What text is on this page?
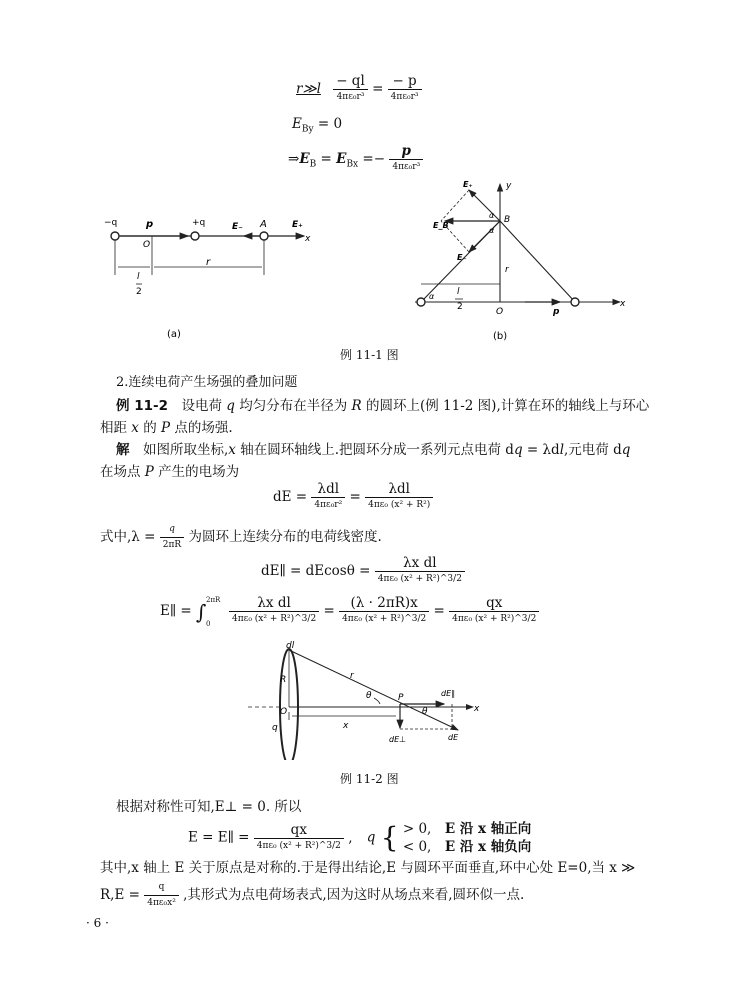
r≫l $\frac{- ql}{\text{4πε₀r³}} = \frac{- p}{\text{4πε₀r³}}$
$E_{By} = 0$
$\Rightarrow E_B = E_{Bx} =- \frac{p}{\text{4πε₀r³}}$
−q	p	+q	E₋ A	E₊
x
O
l
2
r
(a)
E₊	y
α
α
B
E_B
E₋
r
α	l
2	O	p
x
(b)
例 11-1 图
2.连续电荷产生场强的叠加问题
例 11-2　设电荷 q 均匀分布在半径为 R 的圆环上(例 11-2 图),计算在环的轴线上与环心
相距 x 的 P 点的场强.
解　如图所取坐标,x 轴在圆环轴线上.把圆环分成一系列元点电荷 dq = λdl,元电荷 dq
在场点 P 产生的电场为
dE = $\frac{\text{λdl}}{\text{4πε₀r²}} = \frac{\text{λdl}}{\text{4πε₀ (x² + R²)}}$
式中$,\lambda = \frac{q}{2\pi R}$ 为圆环上连续分布的电荷线密度.
dE∥ = $dEcos\theta = \frac{\text{λx dl}}{\text{4πε₀ (x² + R²)\textasciicircum{}3/2}}$
E∥ = ∫ 2πR
0
$\frac{\text{λx dl}}{\text{4πε₀ (x² + R²)\textasciicircum{}3/2}} = \frac{(\lambda \cdot 2\pi R)x}{\text{4πε₀ (x² + R²)\textasciicircum{}3/2}} = \frac{qx}{\text{4πε₀ (x² + R²)\textasciicircum{}3/2}}$
dl
r
R
θ	P	dE∥
θ	x
O
x
q
dE⊥	dE
例 11-2 图
根据对称性可知,E⊥ = 0. 所以
E = E∥ = $\frac{qx}{\text{4πε₀ (x² + R²)\textasciicircum{}3/2}}$ , q { > 0,　 E 沿 x 轴正向
< 0,　 E 沿 x 轴负向
其中,x 轴上 E 关于原点是对称的.于是得出结论,E 与圆环平面垂直,环中心处 E=0,当 x ≫
$R,E = \frac{q}{\text{4πε₀x²}}$ ,其形式为点电荷场表式,因为这时从场点来看,圆环似一点.
· 6 ·
